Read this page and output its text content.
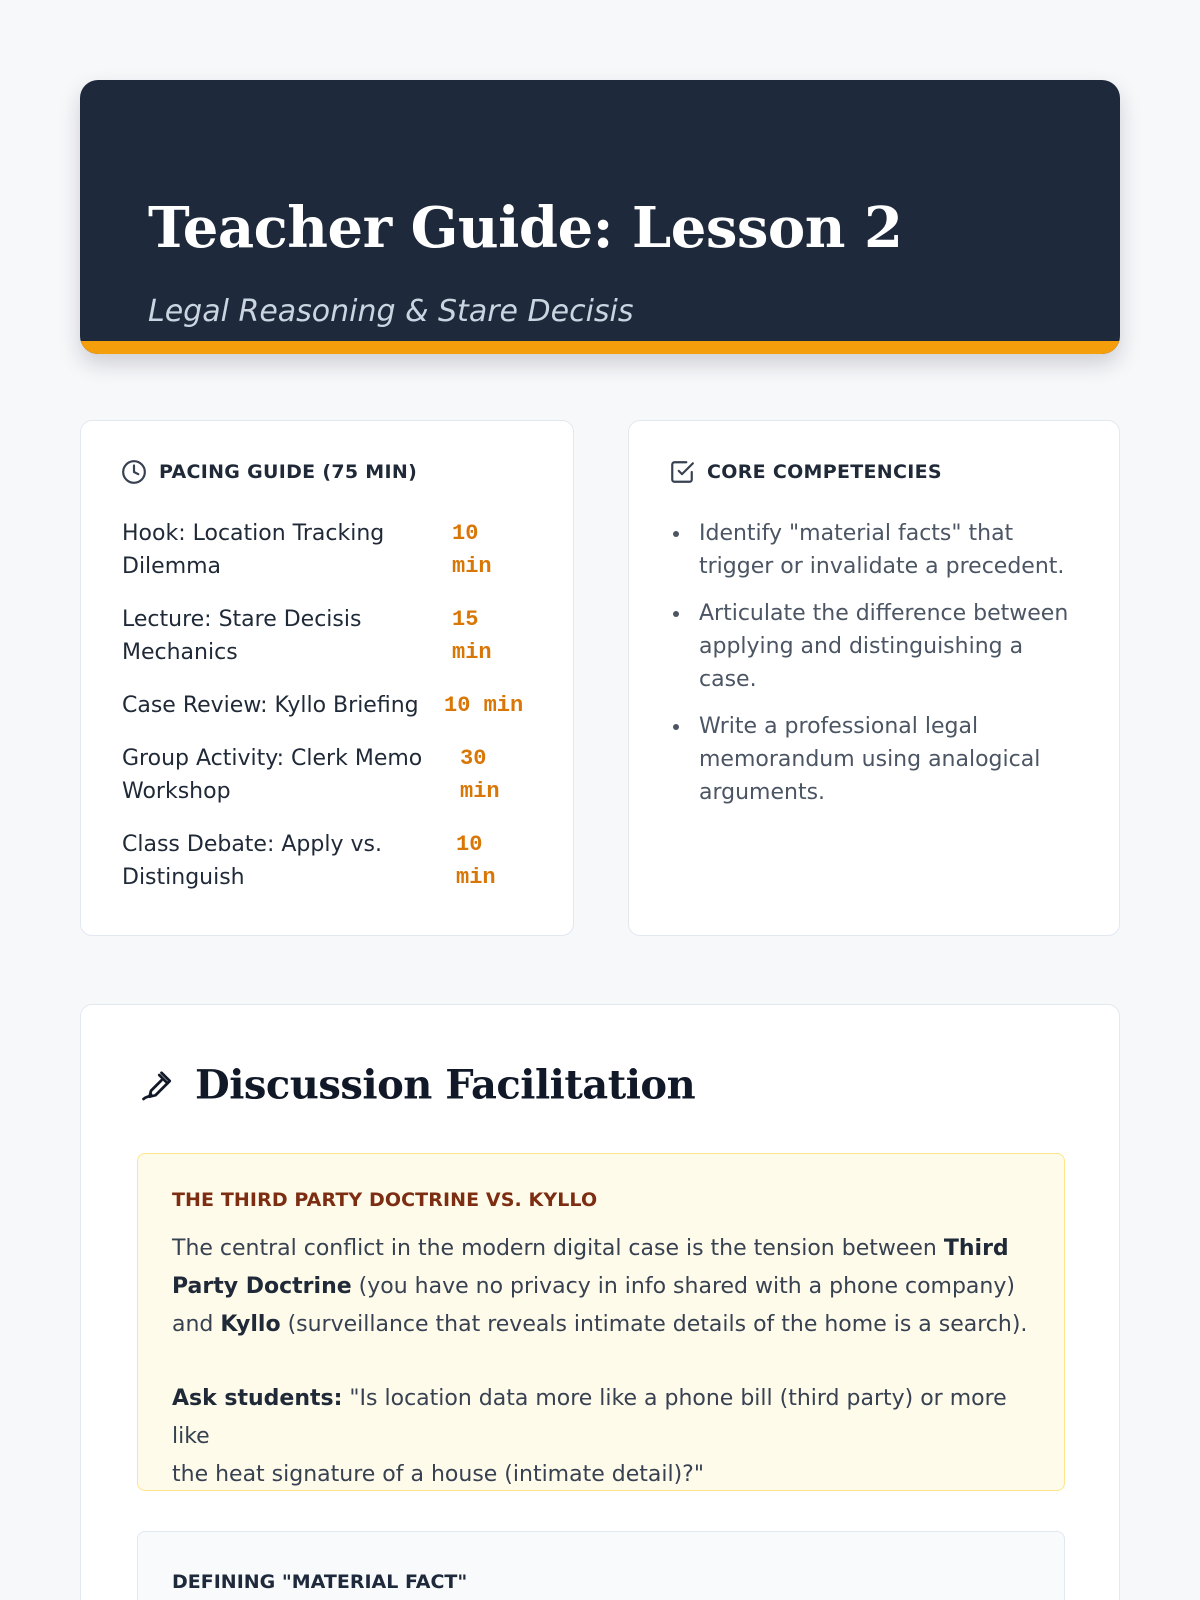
Teacher Guide: Lesson 2
Legal Reasoning & Stare Decisis
PACING GUIDE (75 MIN)
Hook: Location Tracking
Dilemma
10
min
Lecture: Stare Decisis
Mechanics
15
min
Case Review: Kyllo Briefing	10 min
Group Activity: Clerk Memo
Workshop
30
min
Class Debate: Apply vs.
Distinguish
10
min
CORE COMPETENCIES
Identify "material facts" that
trigger or invalidate a precedent.
Articulate the difference between
applying and distinguishing a
case.
Write a professional legal
memorandum using analogical
arguments.
Discussion Facilitation
THE THIRD PARTY DOCTRINE VS. KYLLO
The central conflict in the modern digital case is the tension between Third
Party Doctrine (you have no privacy in info shared with a phone company)
and Kyllo (surveillance that reveals intimate details of the home is a search).
Ask students: "Is location data more like a phone bill (third party) or more like
the heat signature of a house (intimate detail)?"
DEFINING "MATERIAL FACT"
